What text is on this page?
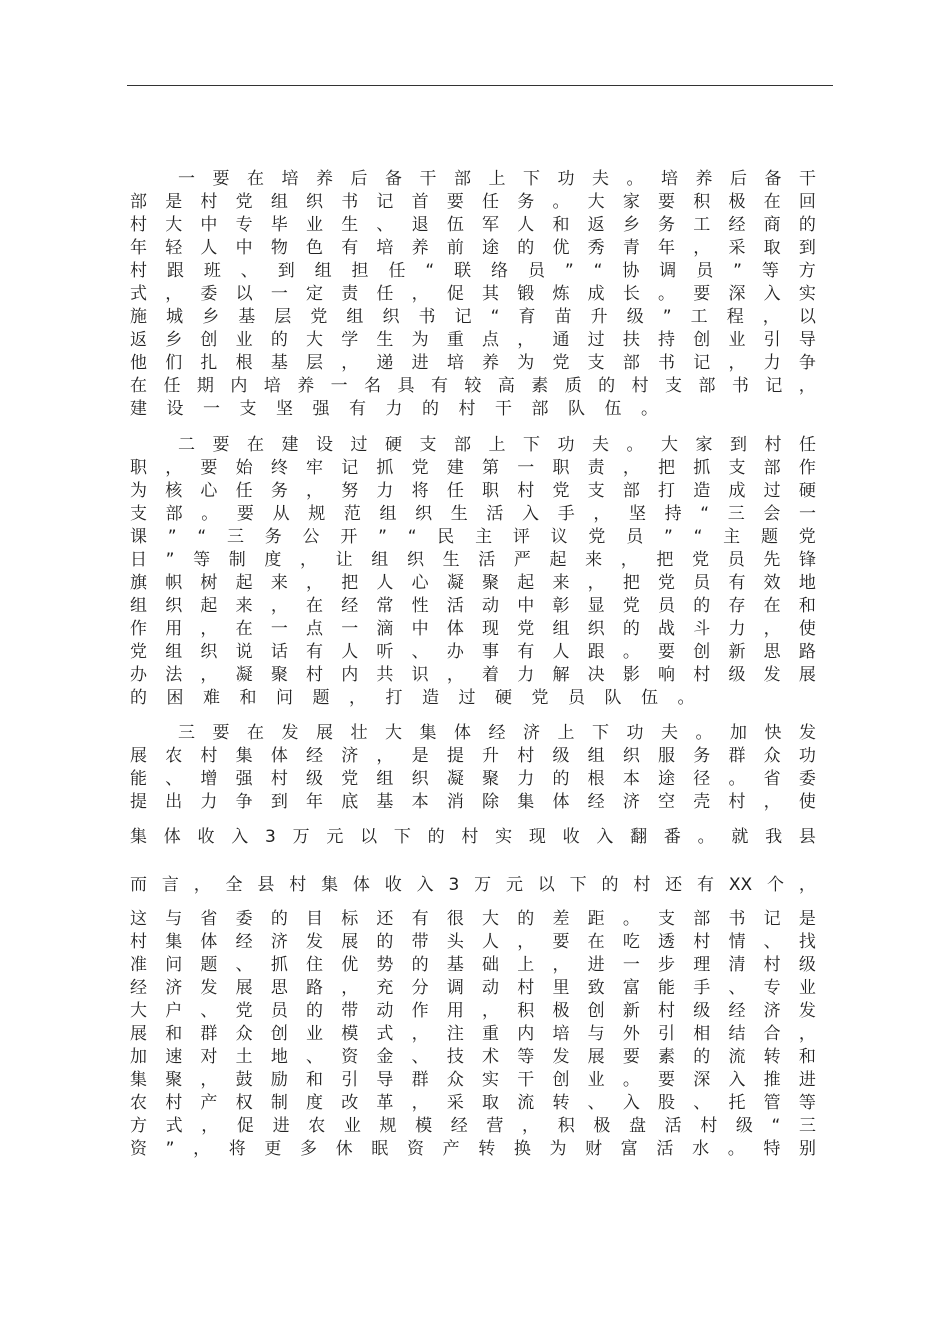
一 要 在 培 养 后 备 干 部 上 下 功 夫 。 培 养 后 备 干
部 是 村 党 组 织 书 记 首 要 任 务 。 大 家 要 积 极 在 回
村 大 中 专 毕 业 生 、 退 伍 军 人 和 返 乡 务 工 经 商 的
年 轻 人 中 物 色 有 培 养 前 途 的 优 秀 青 年 ， 采 取 到
村 跟 班 、 到 组 担 任 “ 联 络 员 ” “ 协 调 员 ” 等 方
式 ， 委 以 一 定 责 任 ， 促 其 锻 炼 成 长 。 要 深 入 实
施 城 乡 基 层 党 组 织 书 记 “ 育 苗 升 级 ” 工 程 ， 以
返 乡 创 业 的 大 学 生 为 重 点 ， 通 过 扶 持 创 业 引 导
他 们 扎 根 基 层 ， 递 进 培 养 为 党 支 部 书 记 ， 力 争
在 任 期 内 培 养 一 名 具 有 较 高 素 质 的 村 支 部 书 记 ，
建 设 一 支 坚 强 有 力 的 村 干 部 队 伍 。
二 要 在 建 设 过 硬 支 部 上 下 功 夫 。 大 家 到 村 任
职 ， 要 始 终 牢 记 抓 党 建 第 一 职 责 ， 把 抓 支 部 作
为 核 心 任 务 ， 努 力 将 任 职 村 党 支 部 打 造 成 过 硬
支 部 。 要 从 规 范 组 织 生 活 入 手 ， 坚 持 “ 三 会 一
课 ” “ 三 务 公 开 ” “ 民 主 评 议 党 员 ” “ 主 题 党
日 ” 等 制 度 ， 让 组 织 生 活 严 起 来 ， 把 党 员 先 锋
旗 帜 树 起 来 ， 把 人 心 凝 聚 起 来 ， 把 党 员 有 效 地
组 织 起 来 ， 在 经 常 性 活 动 中 彰 显 党 员 的 存 在 和
作 用 ， 在 一 点 一 滴 中 体 现 党 组 织 的 战 斗 力 ， 使
党 组 织 说 话 有 人 听 、 办 事 有 人 跟 。 要 创 新 思 路
办 法 ， 凝 聚 村 内 共 识 ， 着 力 解 决 影 响 村 级 发 展
的 困 难 和 问 题 ， 打 造 过 硬 党 员 队 伍 。
三 要 在 发 展 壮 大 集 体 经 济 上 下 功 夫 。 加 快 发
展 农 村 集 体 经 济 ， 是 提 升 村 级 组 织 服 务 群 众 功
能 、 增 强 村 级 党 组 织 凝 聚 力 的 根 本 途 径 。 省 委
提 出 力 争 到 年 底 基 本 消 除 集 体 经 济 空 壳 村 ， 使
集 体 收 入 3 万 元 以 下 的 村 实 现 收 入 翻 番 。 就 我 县
而 言 ， 全 县 村 集 体 收 入 3 万 元 以 下 的 村 还 有 XX 个 ，
这 与 省 委 的 目 标 还 有 很 大 的 差 距 。 支 部 书 记 是
村 集 体 经 济 发 展 的 带 头 人 ， 要 在 吃 透 村 情 、 找
准 问 题 、 抓 住 优 势 的 基 础 上 ， 进 一 步 理 清 村 级
经 济 发 展 思 路 ， 充 分 调 动 村 里 致 富 能 手 、 专 业
大 户 、 党 员 的 带 动 作 用 ， 积 极 创 新 村 级 经 济 发
展 和 群 众 创 业 模 式 ， 注 重 内 培 与 外 引 相 结 合 ，
加 速 对 土 地 、 资 金 、 技 术 等 发 展 要 素 的 流 转 和
集 聚 ， 鼓 励 和 引 导 群 众 实 干 创 业 。 要 深 入 推 进
农 村 产 权 制 度 改 革 ， 采 取 流 转 、 入 股 、 托 管 等
方 式 ， 促 进 农 业 规 模 经 营 ， 积 极 盘 活 村 级 “ 三
资 ” ， 将 更 多 休 眠 资 产 转 换 为 财 富 活 水 。 特 别
